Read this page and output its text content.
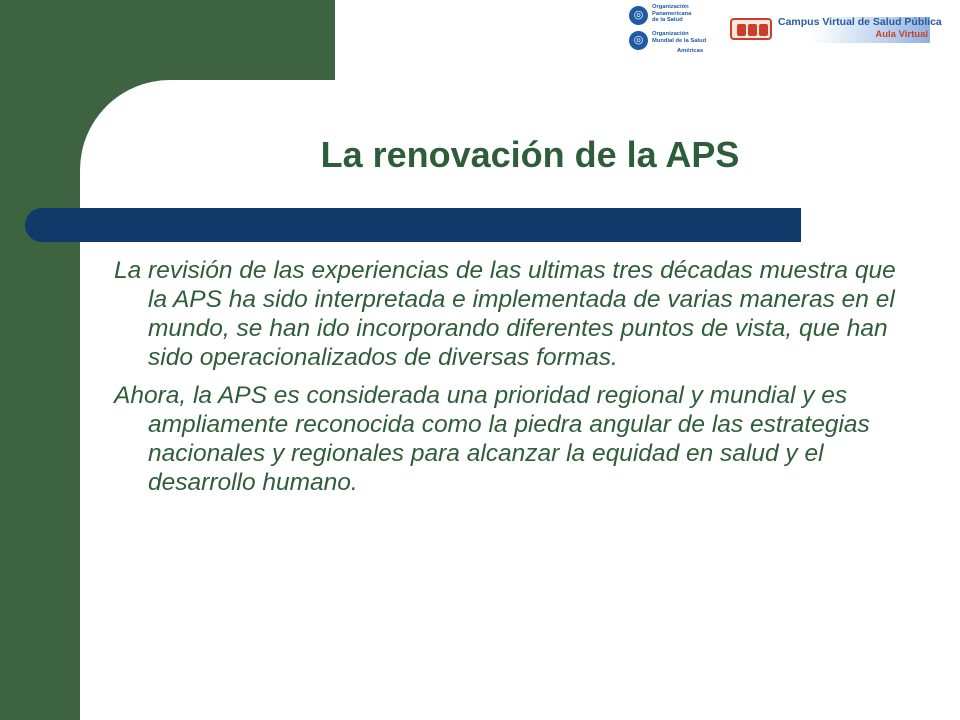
◎
Organización
Panamericana
de la Salud
◎	Organización
Mundial de la Salud
Américas
Campus Virtual de Salud Pública
Aula Virtual
La renovación de la APS

La revisión de las experiencias de las ultimas tres décadas muestra que la APS ha sido interpretada e implementada de varias maneras en el mundo, se han ido incorporando diferentes puntos de vista, que han sido operacionalizados de diversas formas.

Ahora, la APS es considerada una prioridad regional y mundial y es ampliamente reconocida como la piedra angular de las estrategias nacionales y regionales para alcanzar la equidad en salud y el desarrollo humano.
